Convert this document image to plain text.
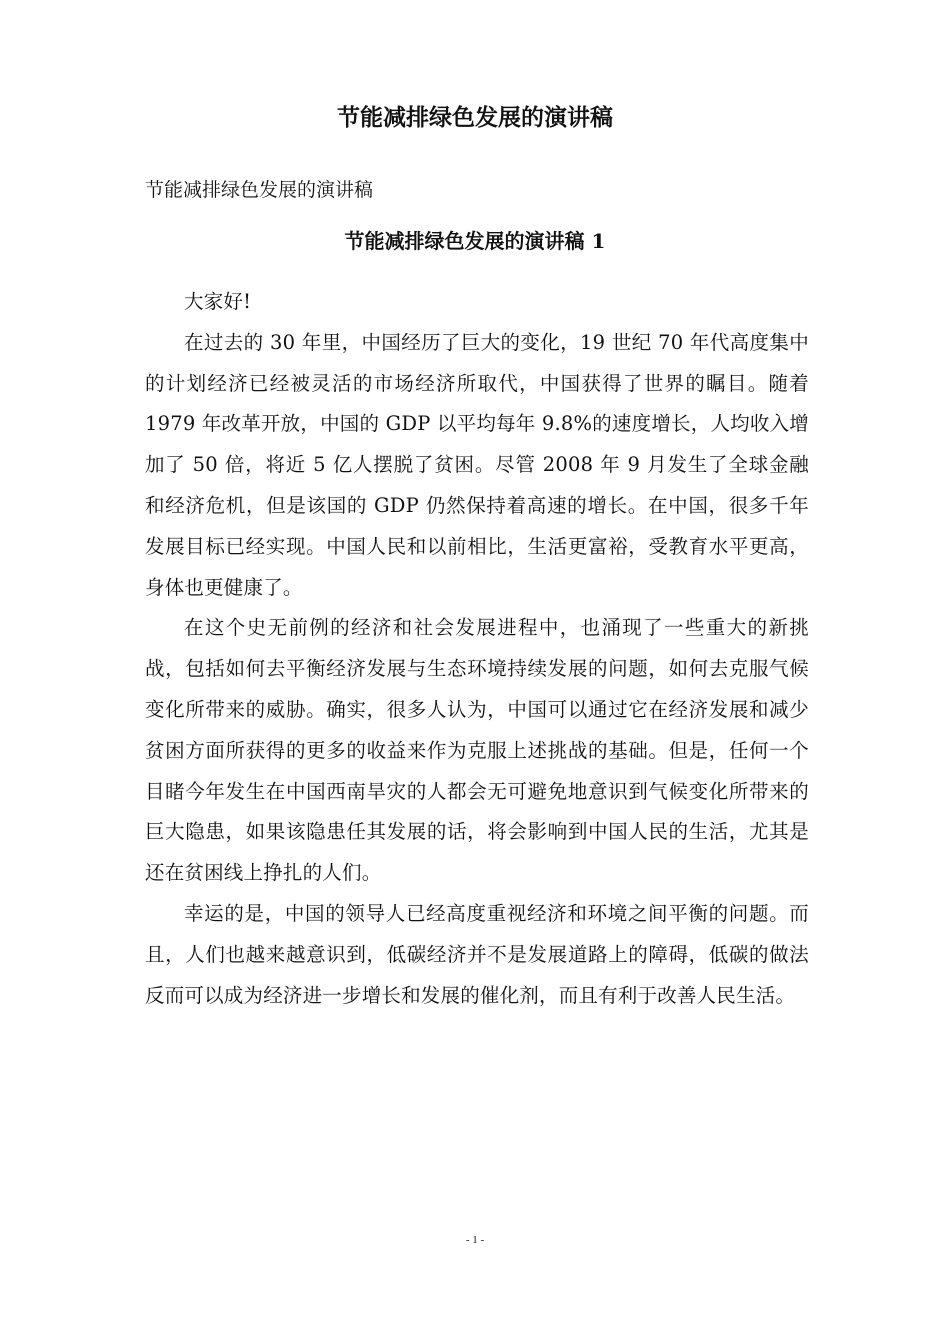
节能减排绿色发展的演讲稿

节能减排绿色发展的演讲稿

节能减排绿色发展的演讲稿 1

大家好!

在过去的 30 年里，中国经历了巨大的变化，19 世纪 70 年代高度集中的计划经济已经被灵活的市场经济所取代，中国获得了世界的瞩目。随着 1979 年改革开放，中国的 GDP 以平均每年 9.8%的速度增长，人均收入增加了 50 倍，将近 5 亿人摆脱了贫困。尽管 2008 年 9 月发生了全球金融和经济危机，但是该国的 GDP 仍然保持着高速的增长。在中国，很多千年发展目标已经实现。中国人民和以前相比，生活更富裕，受教育水平更高，身体也更健康了。

在这个史无前例的经济和社会发展进程中，也涌现了一些重大的新挑战，包括如何去平衡经济发展与生态环境持续发展的问题，如何去克服气候变化所带来的威胁。确实，很多人认为，中国可以通过它在经济发展和减少贫困方面所获得的更多的收益来作为克服上述挑战的基础。但是，任何一个目睹今年发生在中国西南旱灾的人都会无可避免地意识到气候变化所带来的巨大隐患，如果该隐患任其发展的话，将会影响到中国人民的生活，尤其是还在贫困线上挣扎的人们。

幸运的是，中国的领导人已经高度重视经济和环境之间平衡的问题。而且，人们也越来越意识到，低碳经济并不是发展道路上的障碍，低碳的做法反而可以成为经济进一步增长和发展的催化剂，而且有利于改善人民生活。

- 1 -
